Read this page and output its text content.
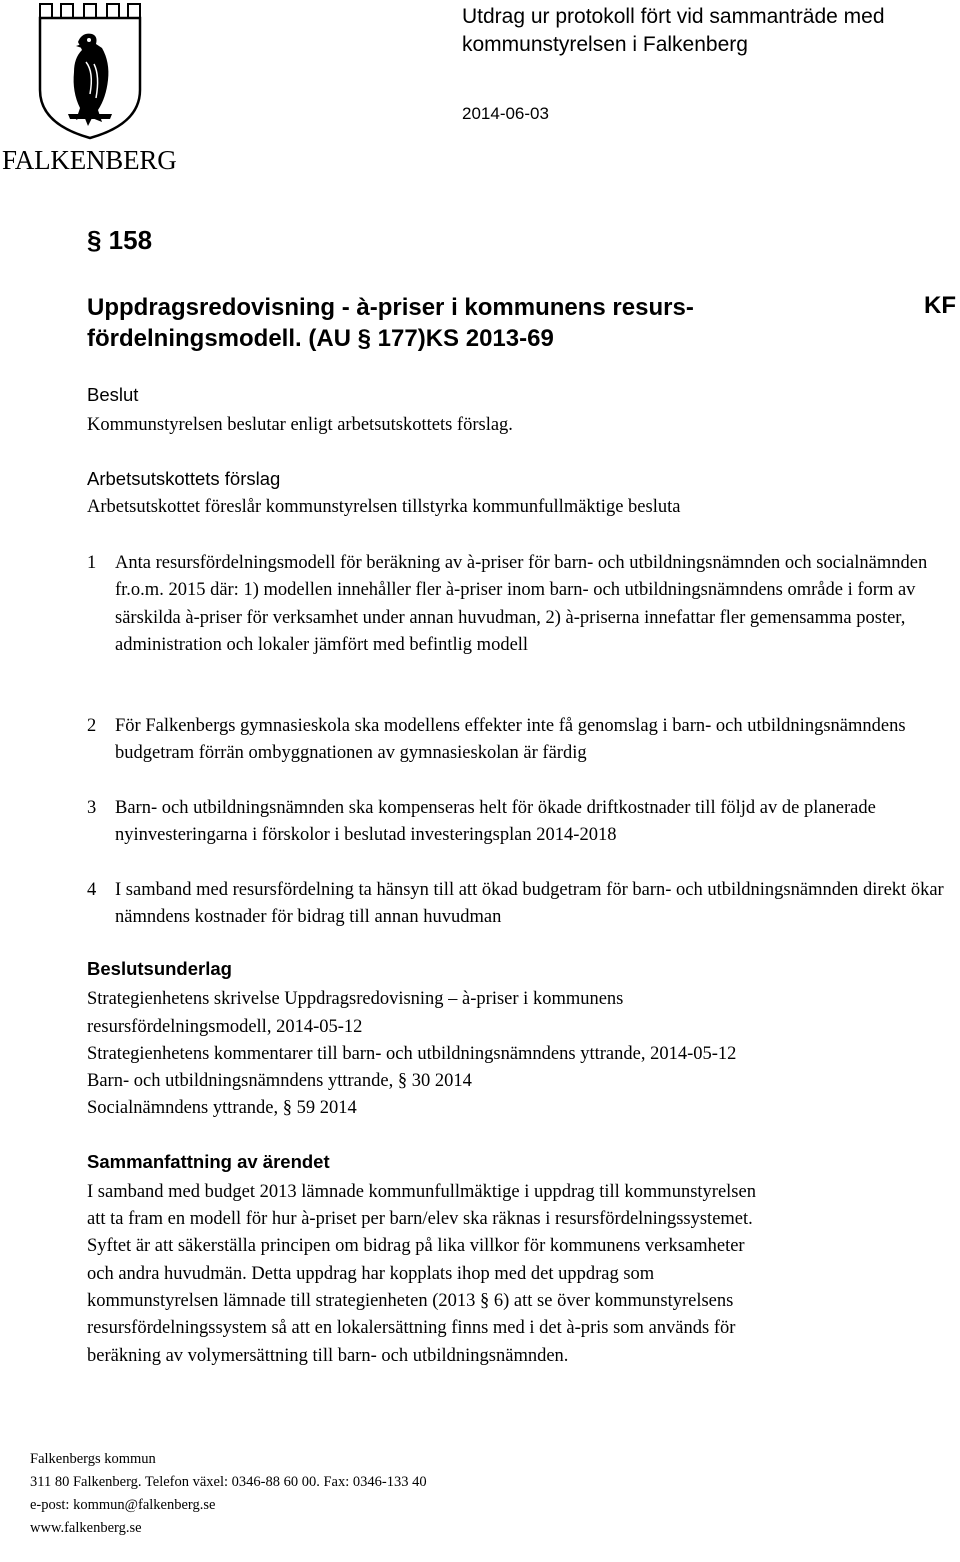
FALKENBERG
Utdrag ur protokoll fört vid sammanträde med kommunstyrelsen i Falkenberg
2014-06-03
§ 158
Uppdragsredovisning - à-priser i kommunens resurs-
fördelningsmodell. (AU § 177)KS 2013-69
KF
Beslut
Kommunstyrelsen beslutar enligt arbetsutskottets förslag.
Arbetsutskottets förslag
Arbetsutskottet föreslår kommunstyrelsen tillstyrka kommunfullmäktige besluta
1 Anta resursfördelningsmodell för beräkning av à-priser för barn- och utbildningsnämnden och socialnämnden fr.o.m. 2015 där: 1) modellen innehåller fler à-priser inom barn- och utbildningsnämndens område i form av särskilda à-priser för verksamhet under annan huvudman, 2) à-priserna innefattar fler gemensamma poster, administration och lokaler jämfört med befintlig modell
2 För Falkenbergs gymnasieskola ska modellens effekter inte få genomslag i barn- och utbildningsnämndens budgetram förrän ombyggnationen av gymnasieskolan är färdig
3 Barn- och utbildningsnämnden ska kompenseras helt för ökade driftkostnader till följd av de planerade nyinvesteringarna i förskolor i beslutad investeringsplan 2014-2018
4 I samband med resursfördelning ta hänsyn till att ökad budgetram för barn- och utbildningsnämnden direkt ökar nämndens kostnader för bidrag till annan huvudman
Beslutsunderlag
Strategienhetens skrivelse Uppdragsredovisning – à-priser i kommunens
resursfördelningsmodell, 2014-05-12
Strategienhetens kommentarer till barn- och utbildningsnämndens yttrande, 2014-05-12
Barn- och utbildningsnämndens yttrande, § 30 2014
Socialnämndens yttrande, § 59 2014
Sammanfattning av ärendet
I samband med budget 2013 lämnade kommunfullmäktige i uppdrag till kommunstyrelsen
att ta fram en modell för hur à-priset per barn/elev ska räknas i resursfördelningssystemet.
Syftet är att säkerställa principen om bidrag på lika villkor för kommunens verksamheter
och andra huvudmän. Detta uppdrag har kopplats ihop med det uppdrag som
kommunstyrelsen lämnade till strategienheten (2013 § 6) att se över kommunstyrelsens
resursfördelningssystem så att en lokalersättning finns med i det à-pris som används för
beräkning av volymersättning till barn- och utbildningsnämnden.
Falkenbergs kommun
311 80 Falkenberg. Telefon växel: 0346-88 60 00. Fax: 0346-133 40
e-post: kommun@falkenberg.se
www.falkenberg.se
